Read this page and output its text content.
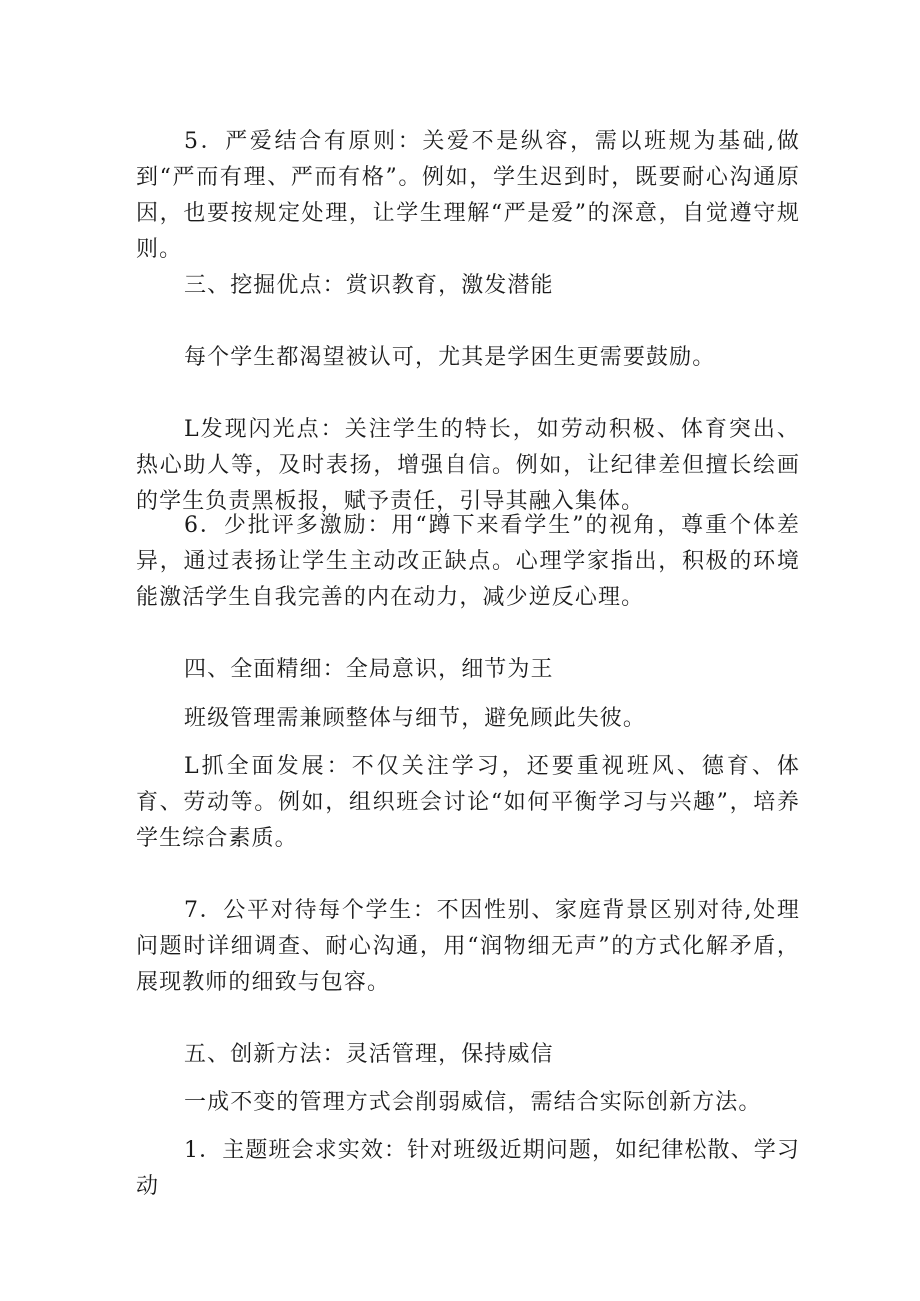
5．严爱结合有原则：关爱不是纵容，需以班规为基础,做到“严而有理、严而有格”。例如，学生迟到时，既要耐心沟通原因，也要按规定处理，让学生理解“严是爱”的深意，自觉遵守规则。

三、挖掘优点：赏识教育，激发潜能

每个学生都渴望被认可，尤其是学困生更需要鼓励。

L发现闪光点：关注学生的特长，如劳动积极、体育突出、热心助人等，及时表扬，增强自信。例如，让纪律差但擅长绘画的学生负责黑板报，赋予责任，引导其融入集体。

6．少批评多激励：用“蹲下来看学生”的视角，尊重个体差异，通过表扬让学生主动改正缺点。心理学家指出，积极的环境能激活学生自我完善的内在动力，减少逆反心理。

四、全面精细：全局意识，细节为王

班级管理需兼顾整体与细节，避免顾此失彼。

L抓全面发展：不仅关注学习，还要重视班风、德育、体育、劳动等。例如，组织班会讨论“如何平衡学习与兴趣”，培养学生综合素质。

7．公平对待每个学生：不因性别、家庭背景区别对待,处理问题时详细调查、耐心沟通，用“润物细无声”的方式化解矛盾，展现教师的细致与包容。

五、创新方法：灵活管理，保持威信

一成不变的管理方式会削弱威信，需结合实际创新方法。

1．主题班会求实效：针对班级近期问题，如纪律松散、学习动
